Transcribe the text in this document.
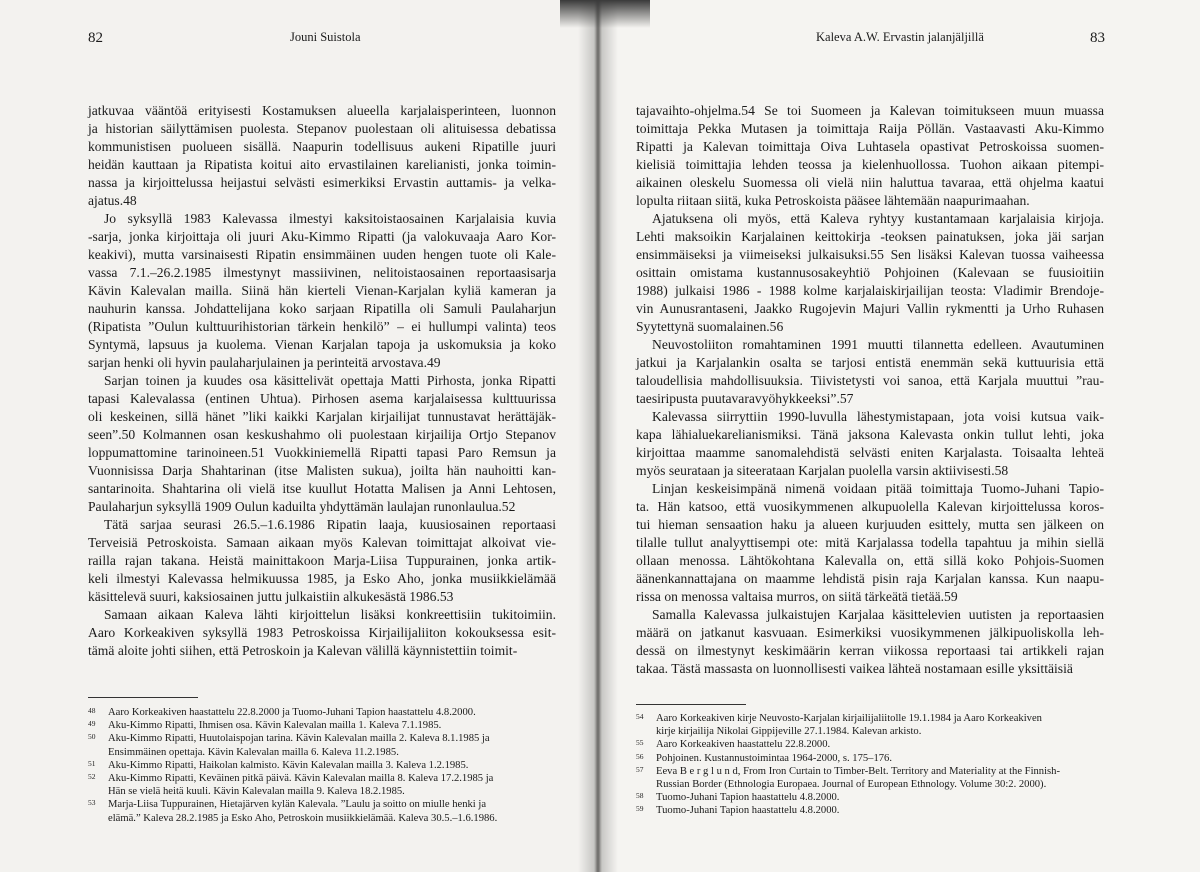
82	Jouni Suistola

jatkuvaa vääntöä erityisesti Kostamuksen alueella karjalaisperinteen, luonnon
ja historian säilyttämisen puolesta. Stepanov puolestaan oli alituisessa debatissa
kommunistisen puolueen sisällä. Naapurin todellisuus aukeni Ripatille juuri
heidän kauttaan ja Ripatista koitui aito ervastilainen karelianisti, jonka toimin-
nassa ja kirjoittelussa heijastui selvästi esimerkiksi Ervastin auttamis- ja velka-
ajatus.48

Jo syksyllä 1983 Kalevassa ilmestyi kaksitoistaosainen Karjalaisia kuvia
-sarja, jonka kirjoittaja oli juuri Aku-Kimmo Ripatti (ja valokuvaaja Aaro Kor-
keakivi), mutta varsinaisesti Ripatin ensimmäinen uuden hengen tuote oli Kale-
vassa 7.1.–26.2.1985 ilmestynyt massiivinen, nelitoistaosainen reportaasisarja
Kävin Kalevalan mailla. Siinä hän kierteli Vienan-Karjalan kyliä kameran ja
nauhurin kanssa. Johdattelijana koko sarjaan Ripatilla oli Samuli Paulaharjun
(Ripatista ”Oulun kulttuurihistorian tärkein henkilö” – ei hullumpi valinta) teos
Syntymä, lapsuus ja kuolema. Vienan Karjalan tapoja ja uskomuksia ja koko
sarjan henki oli hyvin paulaharjulainen ja perinteitä arvostava.49

Sarjan toinen ja kuudes osa käsittelivät opettaja Matti Pirhosta, jonka Ripatti
tapasi Kalevalassa (entinen Uhtua). Pirhosen asema karjalaisessa kulttuurissa
oli keskeinen, sillä hänet ”liki kaikki Karjalan kirjailijat tunnustavat herättäjäk-
seen”.50 Kolmannen osan keskushahmo oli puolestaan kirjailija Ortjo Stepanov
loppumattomine tarinoineen.51 Vuokkiniemellä Ripatti tapasi Paro Remsun ja
Vuonnisissa Darja Shahtarinan (itse Malisten sukua), joilta hän nauhoitti kan-
santarinoita. Shahtarina oli vielä itse kuullut Hotatta Malisen ja Anni Lehtosen,
Paulaharjun syksyllä 1909 Oulun kaduilta yhdyttämän laulajan runonlaulua.52

Tätä sarjaa seurasi 26.5.–1.6.1986 Ripatin laaja, kuusiosainen reportaasi
Terveisiä Petroskoista. Samaan aikaan myös Kalevan toimittajat alkoivat vie-
railla rajan takana. Heistä mainittakoon Marja-Liisa Tuppurainen, jonka artik-
keli ilmestyi Kalevassa helmikuussa 1985, ja Esko Aho, jonka musiikkielämää
käsittelevä suuri, kaksiosainen juttu julkaistiin alkukesästä 1986.53

Samaan aikaan Kaleva lähti kirjoittelun lisäksi konkreettisiin tukitoimiin.
Aaro Korkeakiven syksyllä 1983 Petroskoissa Kirjailijaliiton kokouksessa esit-
tämä aloite johti siihen, että Petroskoin ja Kalevan välillä käynnistettiin toimit-

48	Aaro Korkeakiven haastattelu 22.8.2000 ja Tuomo-Juhani Tapion haastattelu 4.8.2000.
49	Aku-Kimmo Ripatti, Ihmisen osa. Kävin Kalevalan mailla 1. Kaleva 7.1.1985.
50	Aku-Kimmo Ripatti, Huutolaispojan tarina. Kävin Kalevalan mailla 2. Kaleva 8.1.1985 ja
Ensimmäinen opettaja. Kävin Kalevalan mailla 6. Kaleva 11.2.1985.
51	Aku-Kimmo Ripatti, Haikolan kalmisto. Kävin Kalevalan mailla 3. Kaleva 1.2.1985.
52	Aku-Kimmo Ripatti, Keväinen pitkä päivä. Kävin Kalevalan mailla 8. Kaleva 17.2.1985 ja
Hän se vielä heitä kuuli. Kävin Kalevalan mailla 9. Kaleva 18.2.1985.
53	Marja-Liisa Tuppurainen, Hietajärven kylän Kalevala. ”Laulu ja soitto on miulle henki ja
elämä.” Kaleva 28.2.1985 ja Esko Aho, Petroskoin musiikkielämää. Kaleva 30.5.–1.6.1986.
Kaleva A.W. Ervastin jalanjäljillä	83

tajavaihto-ohjelma.54 Se toi Suomeen ja Kalevan toimitukseen muun muassa
toimittaja Pekka Mutasen ja toimittaja Raija Pöllän. Vastaavasti Aku-Kimmo
Ripatti ja Kalevan toimittaja Oiva Luhtasela opastivat Petroskoissa suomen-
kielisiä toimittajia lehden teossa ja kielenhuollossa. Tuohon aikaan pitempi-
aikainen oleskelu Suomessa oli vielä niin haluttua tavaraa, että ohjelma kaatui
lopulta riitaan siitä, kuka Petroskoista pääsee lähtemään naapurimaahan.

Ajatuksena oli myös, että Kaleva ryhtyy kustantamaan karjalaisia kirjoja.
Lehti maksoikin Karjalainen keittokirja -teoksen painatuksen, joka jäi sarjan
ensimmäiseksi ja viimeiseksi julkaisuksi.55 Sen lisäksi Kalevan tuossa vaiheessa
osittain omistama kustannusosakeyhtiö Pohjoinen (Kalevaan se fuusioitiin
1988) julkaisi 1986 - 1988 kolme karjalaiskirjailijan teosta: Vladimir Brendoje-
vin Aunusrantaseni, Jaakko Rugojevin Majuri Vallin rykmentti ja Urho Ruhasen
Syytettynä suomalainen.56

Neuvostoliiton romahtaminen 1991 muutti tilannetta edelleen. Avautuminen
jatkui ja Karjalankin osalta se tarjosi entistä enemmän sekä kuttuurisia että
taloudellisia mahdollisuuksia. Tiivistetysti voi sanoa, että Karjala muuttui ”rau-
taesiripusta puutavaravyöhykkeeksi”.57

Kalevassa siirryttiin 1990-luvulla lähestymistapaan, jota voisi kutsua vaik-
kapa lähialuekarelianismiksi. Tänä jaksona Kalevasta onkin tullut lehti, joka
kirjoittaa maamme sanomalehdistä selvästi eniten Karjalasta. Toisaalta lehteä
myös seurataan ja siteerataan Karjalan puolella varsin aktiivisesti.58

Linjan keskeisimpänä nimenä voidaan pitää toimittaja Tuomo-Juhani Tapio-
ta. Hän katsoo, että vuosikymmenen alkupuolella Kalevan kirjoittelussa koros-
tui hieman sensaation haku ja alueen kurjuuden esittely, mutta sen jälkeen on
tilalle tullut analyyttisempi ote: mitä Karjalassa todella tapahtuu ja mihin siellä
ollaan menossa. Lähtökohtana Kalevalla on, että sillä koko Pohjois-Suomen
äänenkannattajana on maamme lehdistä pisin raja Karjalan kanssa. Kun naapu-
rissa on menossa valtaisa murros, on siitä tärkeätä tietää.59

Samalla Kalevassa julkaistujen Karjalaa käsittelevien uutisten ja reportaasien
määrä on jatkanut kasvuaan. Esimerkiksi vuosikymmenen jälkipuoliskolla leh-
dessä on ilmestynyt keskimäärin kerran viikossa reportaasi tai artikkeli rajan
takaa. Tästä massasta on luonnollisesti vaikea lähteä nostamaan esille yksittäisiä

54	Aaro Korkeakiven kirje Neuvosto-Karjalan kirjailijaliitolle 19.1.1984 ja Aaro Korkeakiven
kirje kirjailija Nikolai Gippijeville 27.1.1984. Kalevan arkisto.
55	Aaro Korkeakiven haastattelu 22.8.2000.
56	Pohjoinen. Kustannustoimintaa 1964-2000, s. 175–176.
57	Eeva B e r g l u n d, From Iron Curtain to Timber-Belt. Territory and Materiality at the Finnish-
Russian Border (Ethnologia Europaea. Journal of European Ethnology. Volume 30:2. 2000).
58	Tuomo-Juhani Tapion haastattelu 4.8.2000.
59	Tuomo-Juhani Tapion haastattelu 4.8.2000.
